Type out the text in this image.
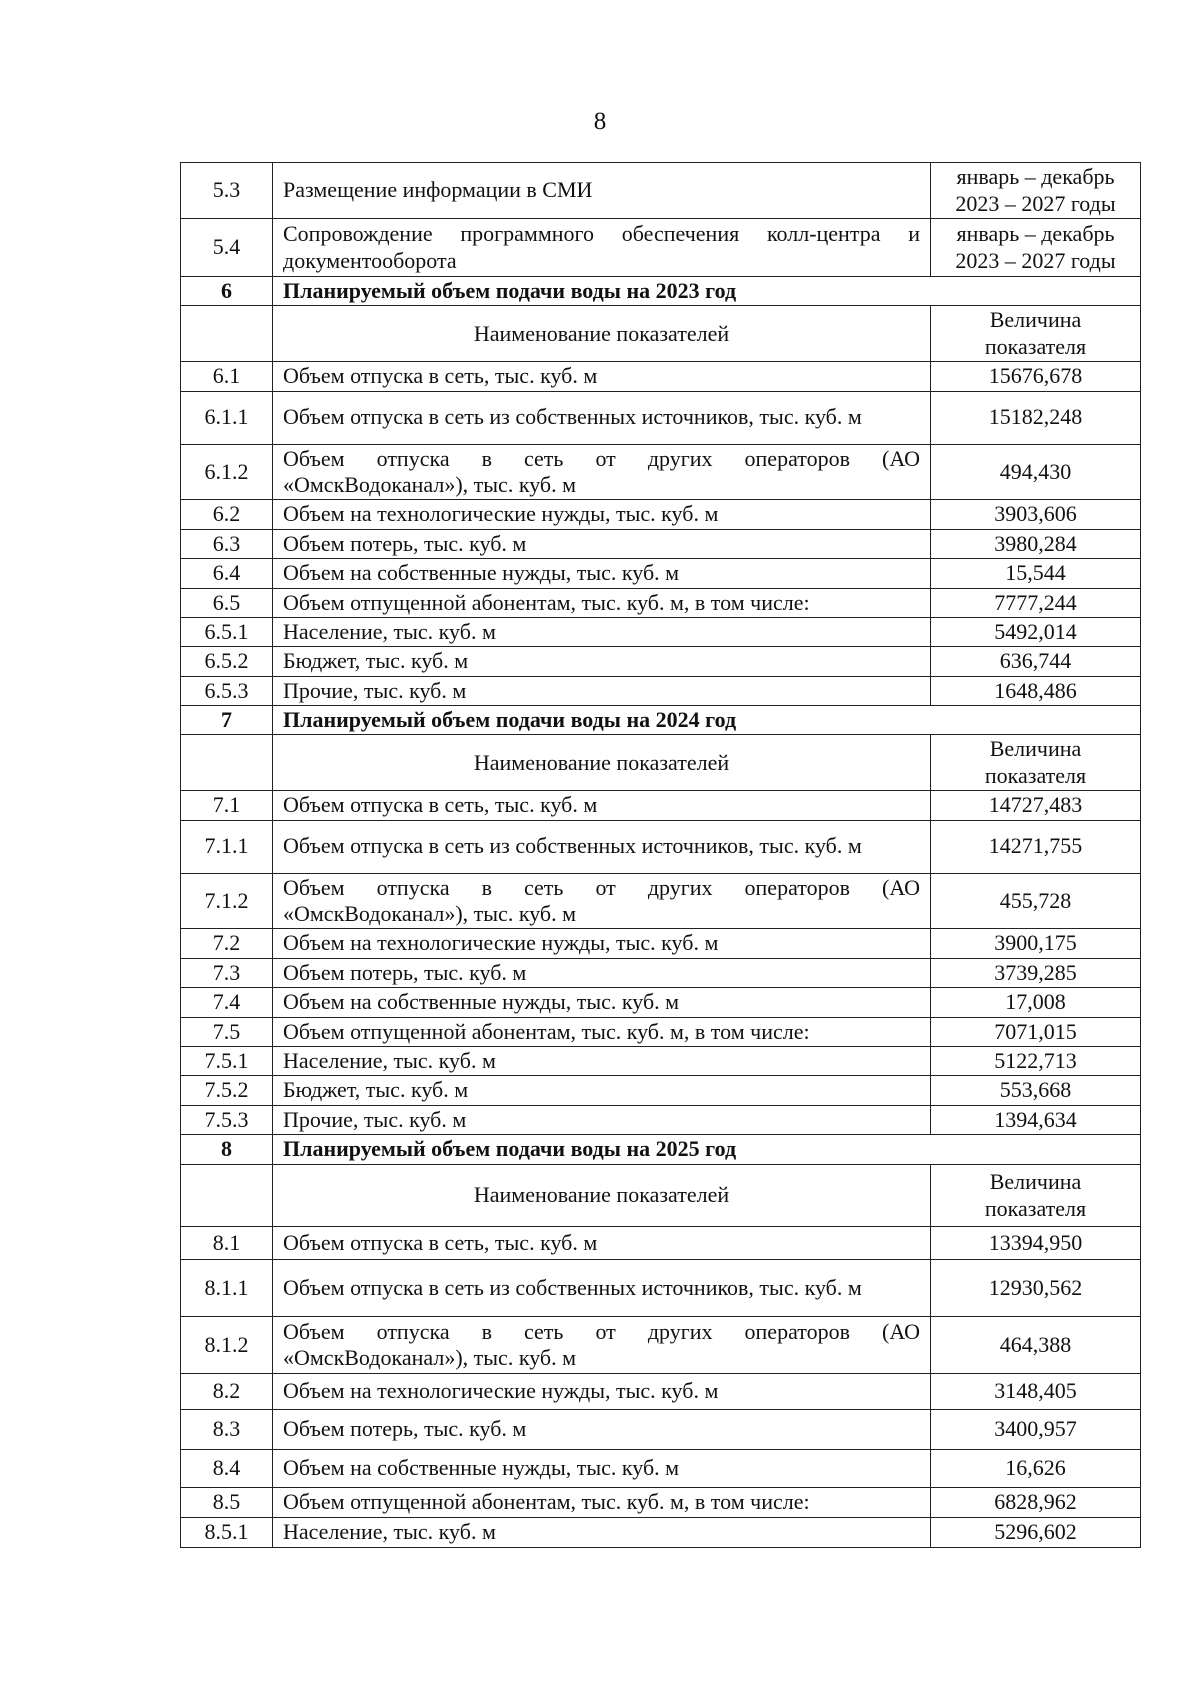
8
5.3	Размещение информации в СМИ	январь – декабрь 2023 – 2027 годы
5.4	Сопровождение программного обеспечения колл-центра и документооборота	январь – декабрь 2023 – 2027 годы
6	Планируемый объем подачи воды на 2023 год	
	Наименование показателей	Величина показателя
6.1	Объем отпуска в сеть, тыс. куб. м	15676,678
6.1.1	Объем отпуска в сеть из собственных источников, тыс. куб. м	15182,248
6.1.2	Объем отпуска в сеть от других операторов (АО «ОмскВодоканал»), тыс. куб. м	494,430
6.2	Объем на технологические нужды, тыс. куб. м	3903,606
6.3	Объем потерь, тыс. куб. м	3980,284
6.4	Объем на собственные нужды, тыс. куб. м	15,544
6.5	Объем отпущенной абонентам, тыс. куб. м, в том числе:	7777,244
6.5.1	Население, тыс. куб. м	5492,014
6.5.2	Бюджет, тыс. куб. м	636,744
6.5.3	Прочие, тыс. куб. м	1648,486
7	Планируемый объем подачи воды на 2024 год	
	Наименование показателей	Величина показателя
7.1	Объем отпуска в сеть, тыс. куб. м	14727,483
7.1.1	Объем отпуска в сеть из собственных источников, тыс. куб. м	14271,755
7.1.2	Объем отпуска в сеть от других операторов (АО «ОмскВодоканал»), тыс. куб. м	455,728
7.2	Объем на технологические нужды, тыс. куб. м	3900,175
7.3	Объем потерь, тыс. куб. м	3739,285
7.4	Объем на собственные нужды, тыс. куб. м	17,008
7.5	Объем отпущенной абонентам, тыс. куб. м, в том числе:	7071,015
7.5.1	Население, тыс. куб. м	5122,713
7.5.2	Бюджет, тыс. куб. м	553,668
7.5.3	Прочие, тыс. куб. м	1394,634
8	Планируемый объем подачи воды на 2025 год	
	Наименование показателей	Величина показателя
8.1	Объем отпуска в сеть, тыс. куб. м	13394,950
8.1.1	Объем отпуска в сеть из собственных источников, тыс. куб. м	12930,562
8.1.2	Объем отпуска в сеть от других операторов (АО «ОмскВодоканал»), тыс. куб. м	464,388
8.2	Объем на технологические нужды, тыс. куб. м	3148,405
8.3	Объем потерь, тыс. куб. м	3400,957
8.4	Объем на собственные нужды, тыс. куб. м	16,626
8.5	Объем отпущенной абонентам, тыс. куб. м, в том числе:	6828,962
8.5.1	Население, тыс. куб. м	5296,602
